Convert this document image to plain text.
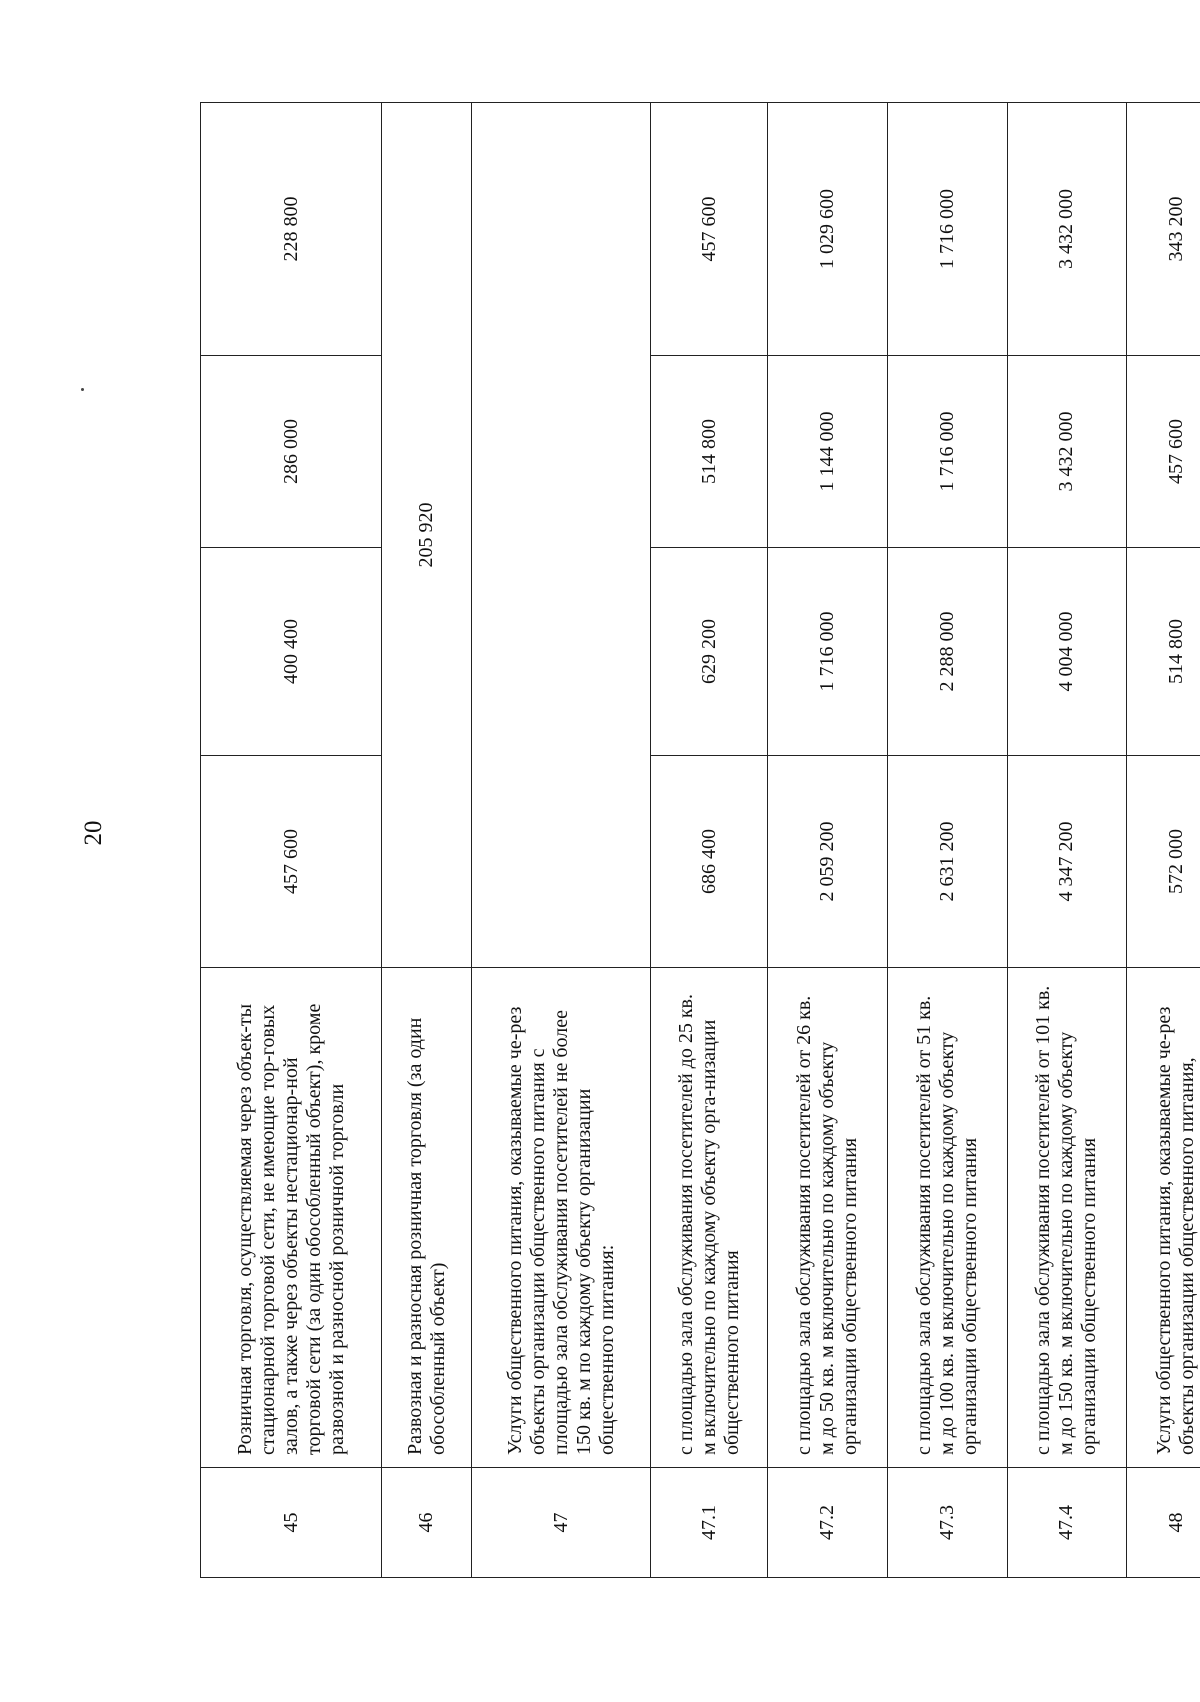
20
45	Розничная торговля, осуществляемая через объек-ты стационарной торговой сети, не имеющие тор-говых залов, а также через объекты нестационар-ной торговой сети (за один обособленный объект), кроме развозной и разносной розничной торговли	457 600	400 400	286 000	228 800
46	Развозная и разносная розничная торговля (за один обособленный объект)	205 920			
47	Услуги общественного питания, оказываемые че-рез объекты организации общественного питания с площадью зала обслуживания посетителей не более 150 кв. м по каждому объекту организации общественного питания:				
47.1	с площадью зала обслуживания посетителей до 25 кв. м включительно по каждому объекту орга-низации общественного питания	686 400	629 200	514 800	457 600
47.2	с площадью зала обслуживания посетителей от 26 кв. м до 50 кв. м включительно по каждому объекту организации общественного питания	2 059 200	1 716 000	1 144 000	1 029 600
47.3	с площадью зала обслуживания посетителей от 51 кв. м до 100 кв. м включительно по каждому объекту организации общественного питания	2 631 200	2 288 000	1 716 000	1 716 000
47.4	с площадью зала обслуживания посетителей от 101 кв. м до 150 кв. м включительно по каждому объекту организации общественного питания	4 347 200	4 004 000	3 432 000	3 432 000
48	Услуги общественного питания, оказываемые че-рез объекты организации общественного питания,	572 000	514 800	457 600	343 200
